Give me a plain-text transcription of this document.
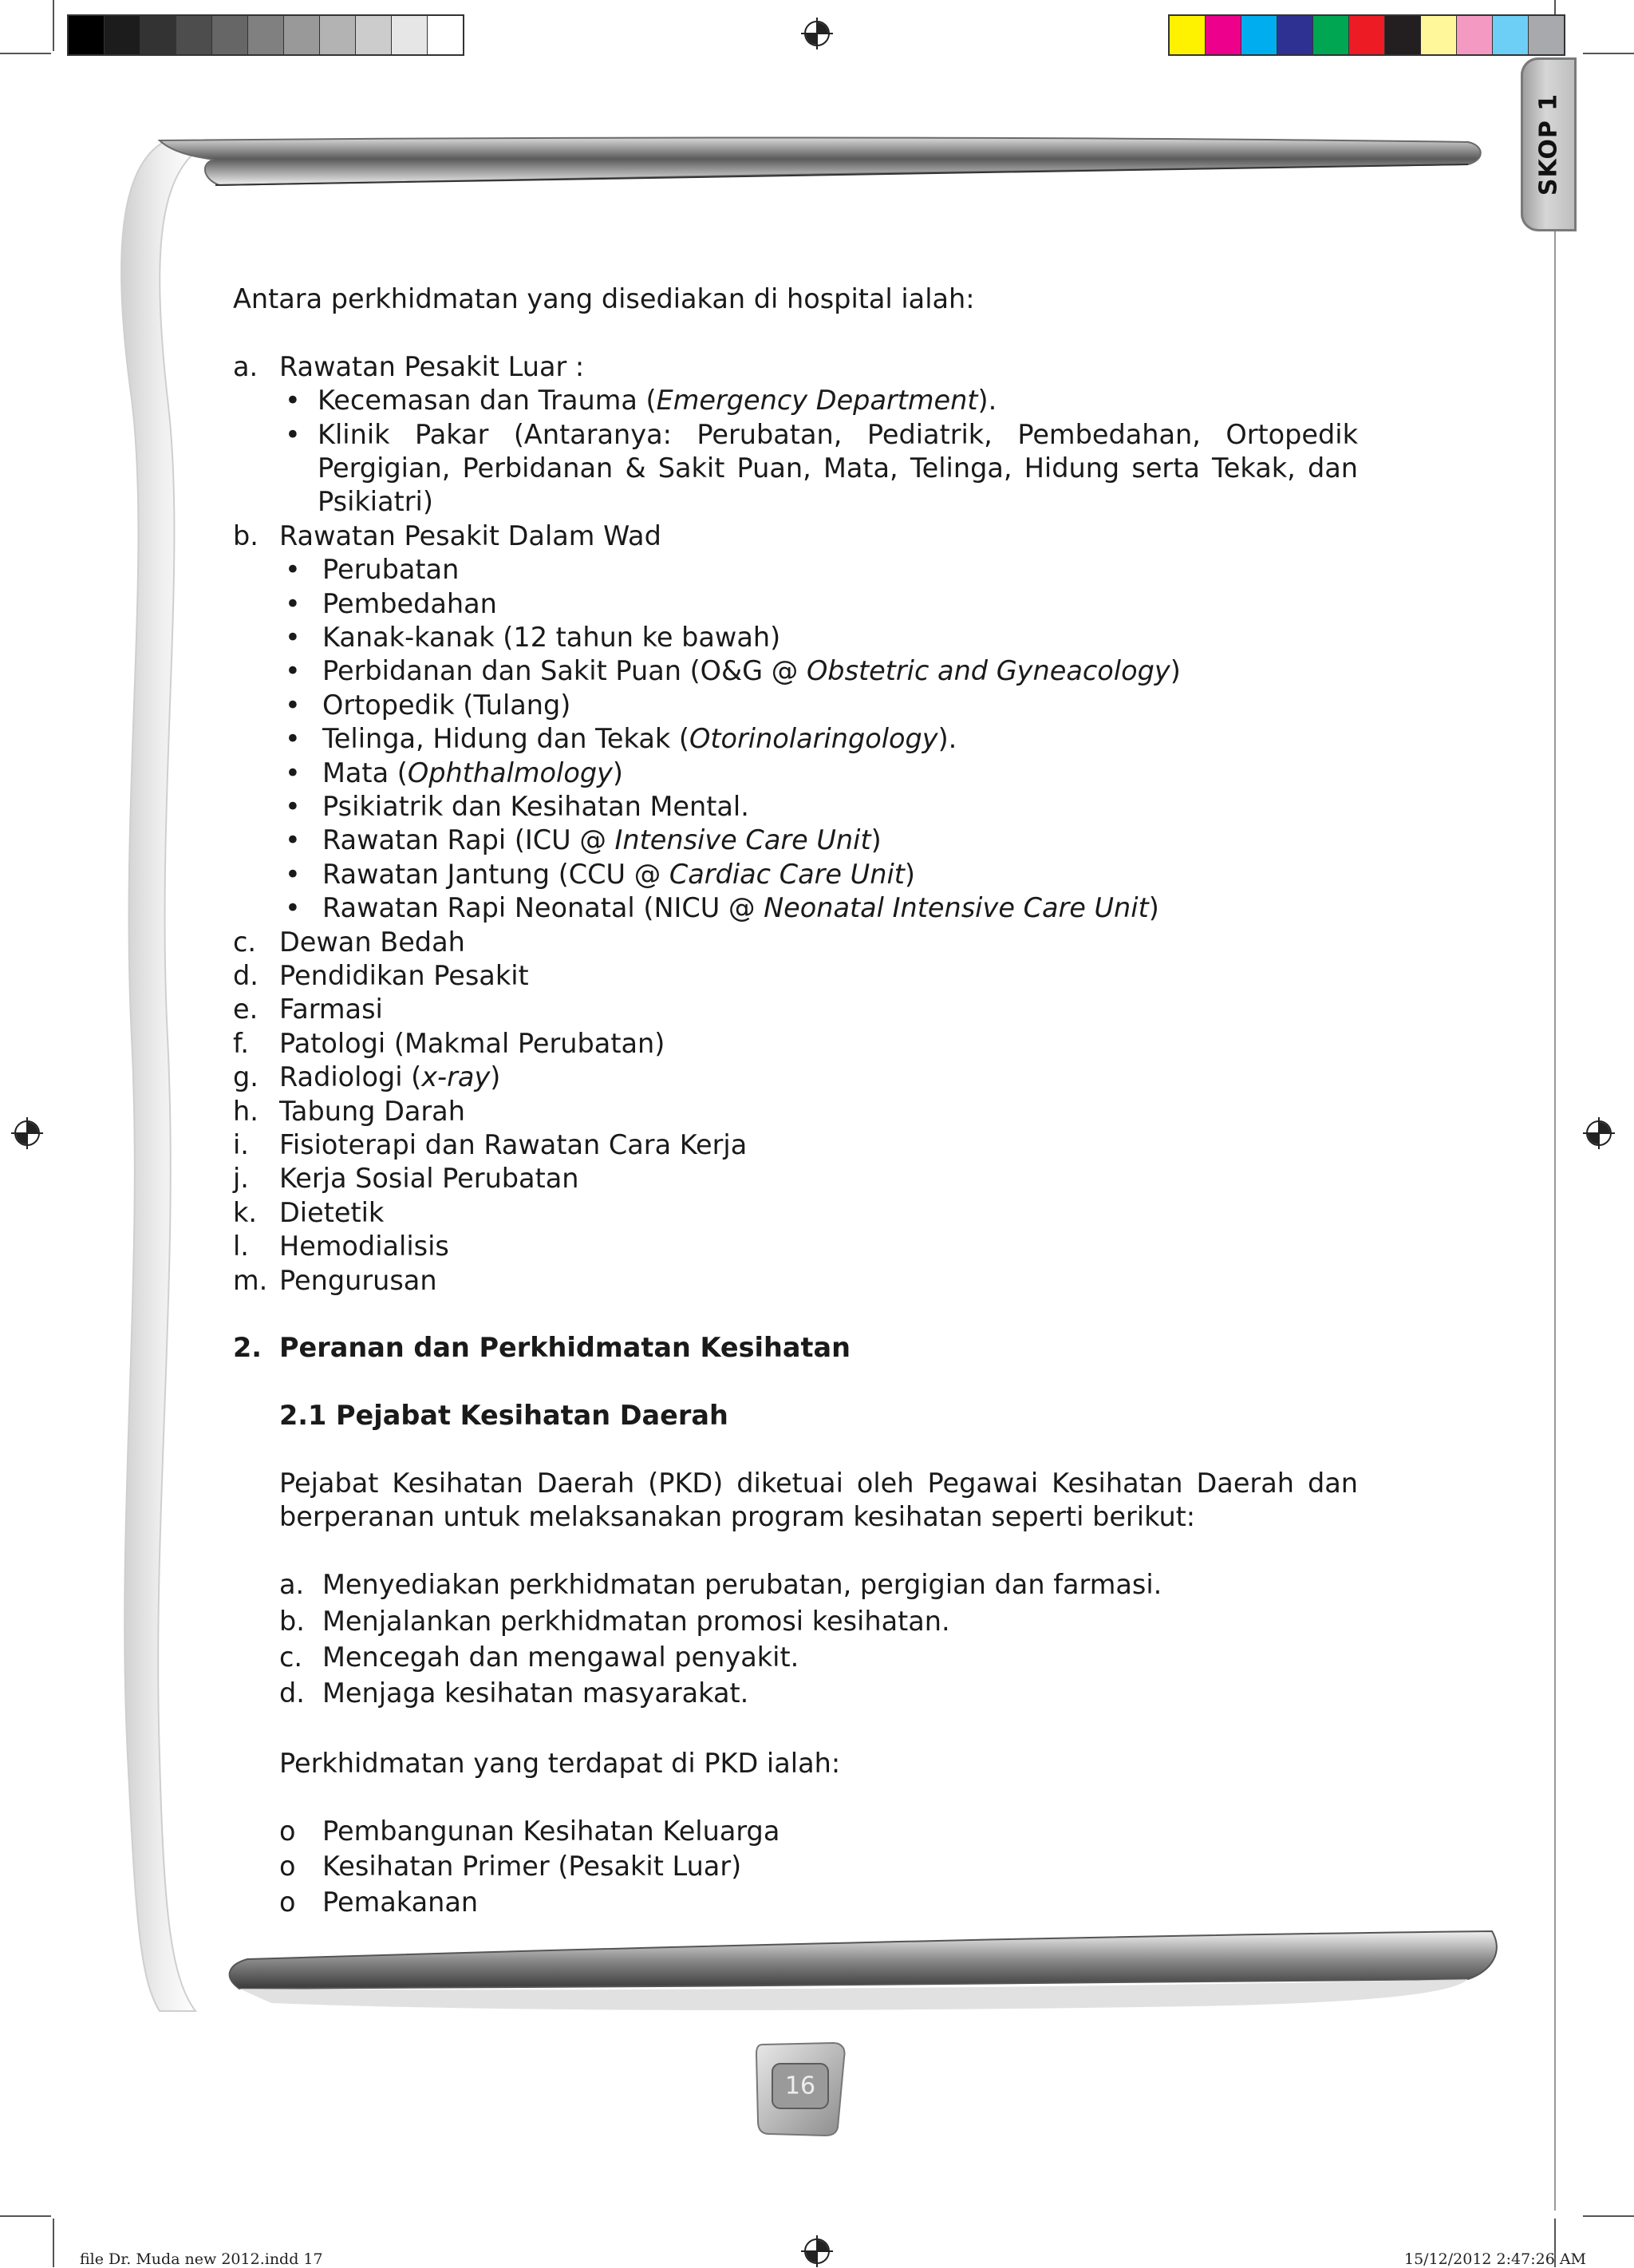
SKOP 1
Antara perkhidmatan yang disediakan di hospital ialah:
a. Rawatan Pesakit Luar :
• Kecemasan dan Trauma (Emergency Department).
• Klinik Pakar (Antaranya: Perubatan, Pediatrik, Pembedahan, Ortopedik
Pergigian, Perbidanan & Sakit Puan, Mata, Telinga, Hidung serta Tekak, dan
Psikiatri)
b. Rawatan Pesakit Dalam Wad
• Perubatan
• Pembedahan
• Kanak-kanak (12 tahun ke bawah)
• Perbidanan dan Sakit Puan (O&G @ Obstetric and Gyneacology)
• Ortopedik (Tulang)
• Telinga, Hidung dan Tekak (Otorinolaringology).
• Mata (Ophthalmology)
• Psikiatrik dan Kesihatan Mental.
• Rawatan Rapi (ICU @ Intensive Care Unit)
• Rawatan Jantung (CCU @ Cardiac Care Unit)
• Rawatan Rapi Neonatal (NICU @ Neonatal Intensive Care Unit)
c. Dewan Bedah
d. Pendidikan Pesakit
e. Farmasi
f. Patologi (Makmal Perubatan)
g. Radiologi (x-ray)
h. Tabung Darah
i. Fisioterapi dan Rawatan Cara Kerja
j. Kerja Sosial Perubatan
k. Dietetik
l. Hemodialisis
m. Pengurusan
2. Peranan dan Perkhidmatan Kesihatan
2.1 Pejabat Kesihatan Daerah
Pejabat Kesihatan Daerah (PKD) diketuai oleh Pegawai Kesihatan Daerah dan
berperanan untuk melaksanakan program kesihatan seperti berikut:
a. Menyediakan perkhidmatan perubatan, pergigian dan farmasi.
b. Menjalankan perkhidmatan promosi kesihatan.
c. Mencegah dan mengawal penyakit.
d. Menjaga kesihatan masyarakat.
Perkhidmatan yang terdapat di PKD ialah:
o Pembangunan Kesihatan Keluarga
o Kesihatan Primer (Pesakit Luar)
o Pemakanan
16
file Dr. Muda new 2012.indd 17	15/12/2012 2:47:26 AM
